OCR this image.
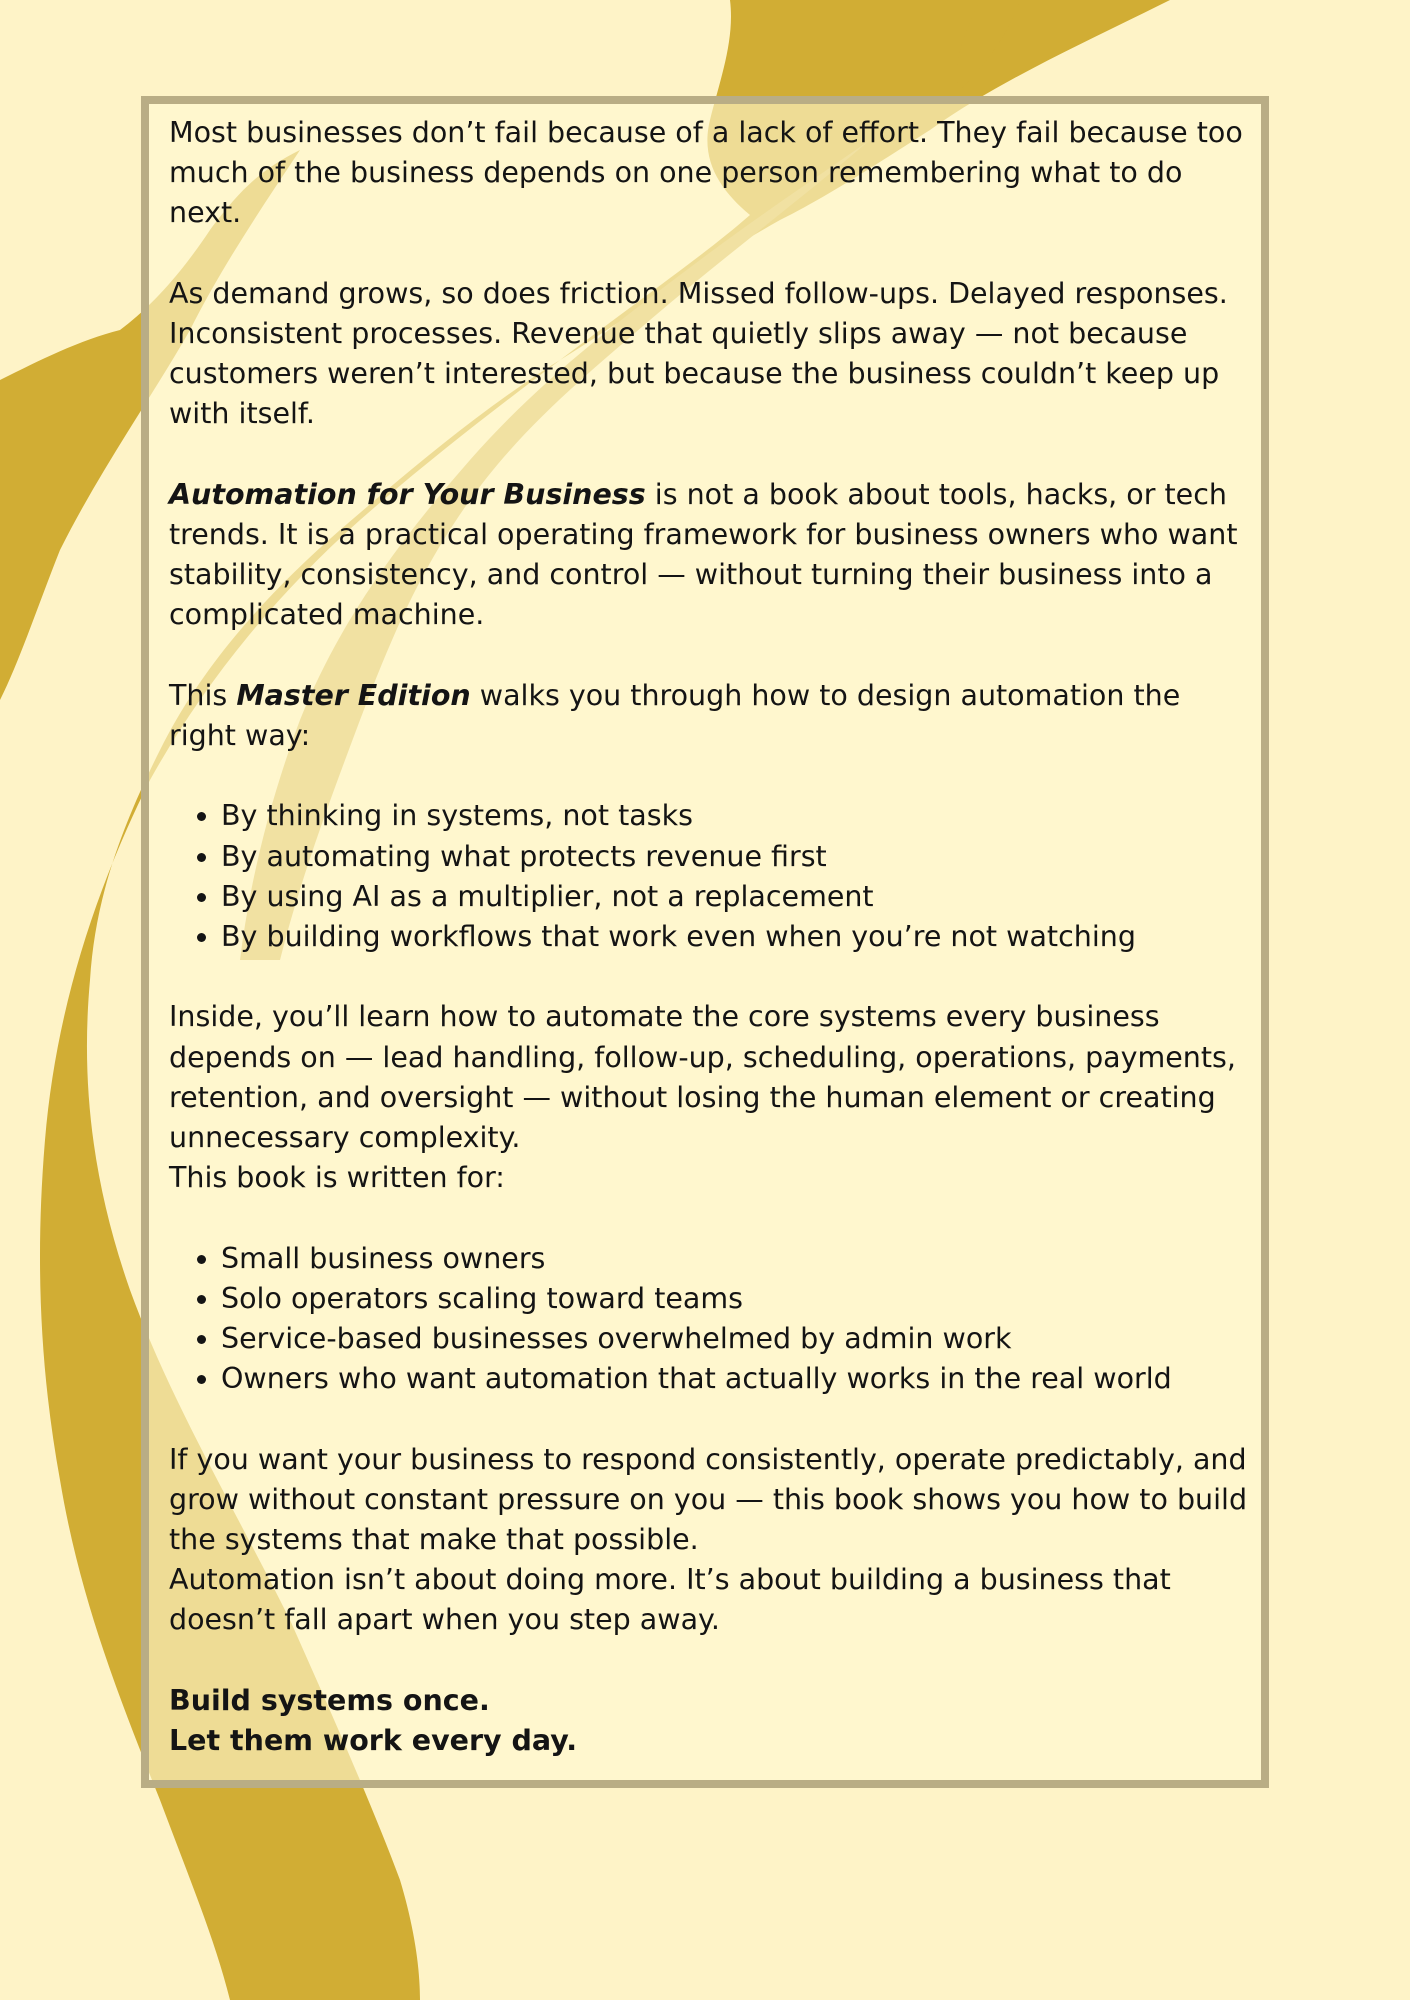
Most businesses don’t fail because of a lack of effort. They fail because too much of the business depends on one person remembering what to do next.

As demand grows, so does friction. Missed follow-ups. Delayed responses. Inconsistent processes. Revenue that quietly slips away — not because customers weren’t interested, but because the business couldn’t keep up with itself.

Automation for Your Business is not a book about tools, hacks, or tech trends. It is a practical operating framework for business owners who want stability, consistency, and control — without turning their business into a complicated machine.

This Master Edition walks you through how to design automation the right way:

• By thinking in systems, not tasks
• By automating what protects revenue first
• By using AI as a multiplier, not a replacement
• By building workflows that work even when you’re not watching

Inside, you’ll learn how to automate the core systems every business depends on — lead handling, follow-up, scheduling, operations, payments, retention, and oversight — without losing the human element or creating unnecessary complexity.

This book is written for:

• Small business owners
• Solo operators scaling toward teams
• Service-based businesses overwhelmed by admin work
• Owners who want automation that actually works in the real world

If you want your business to respond consistently, operate predictably, and grow without constant pressure on you — this book shows you how to build the systems that make that possible.

Automation isn’t about doing more. It’s about building a business that doesn’t fall apart when you step away.

Build systems once.
Let them work every day.
